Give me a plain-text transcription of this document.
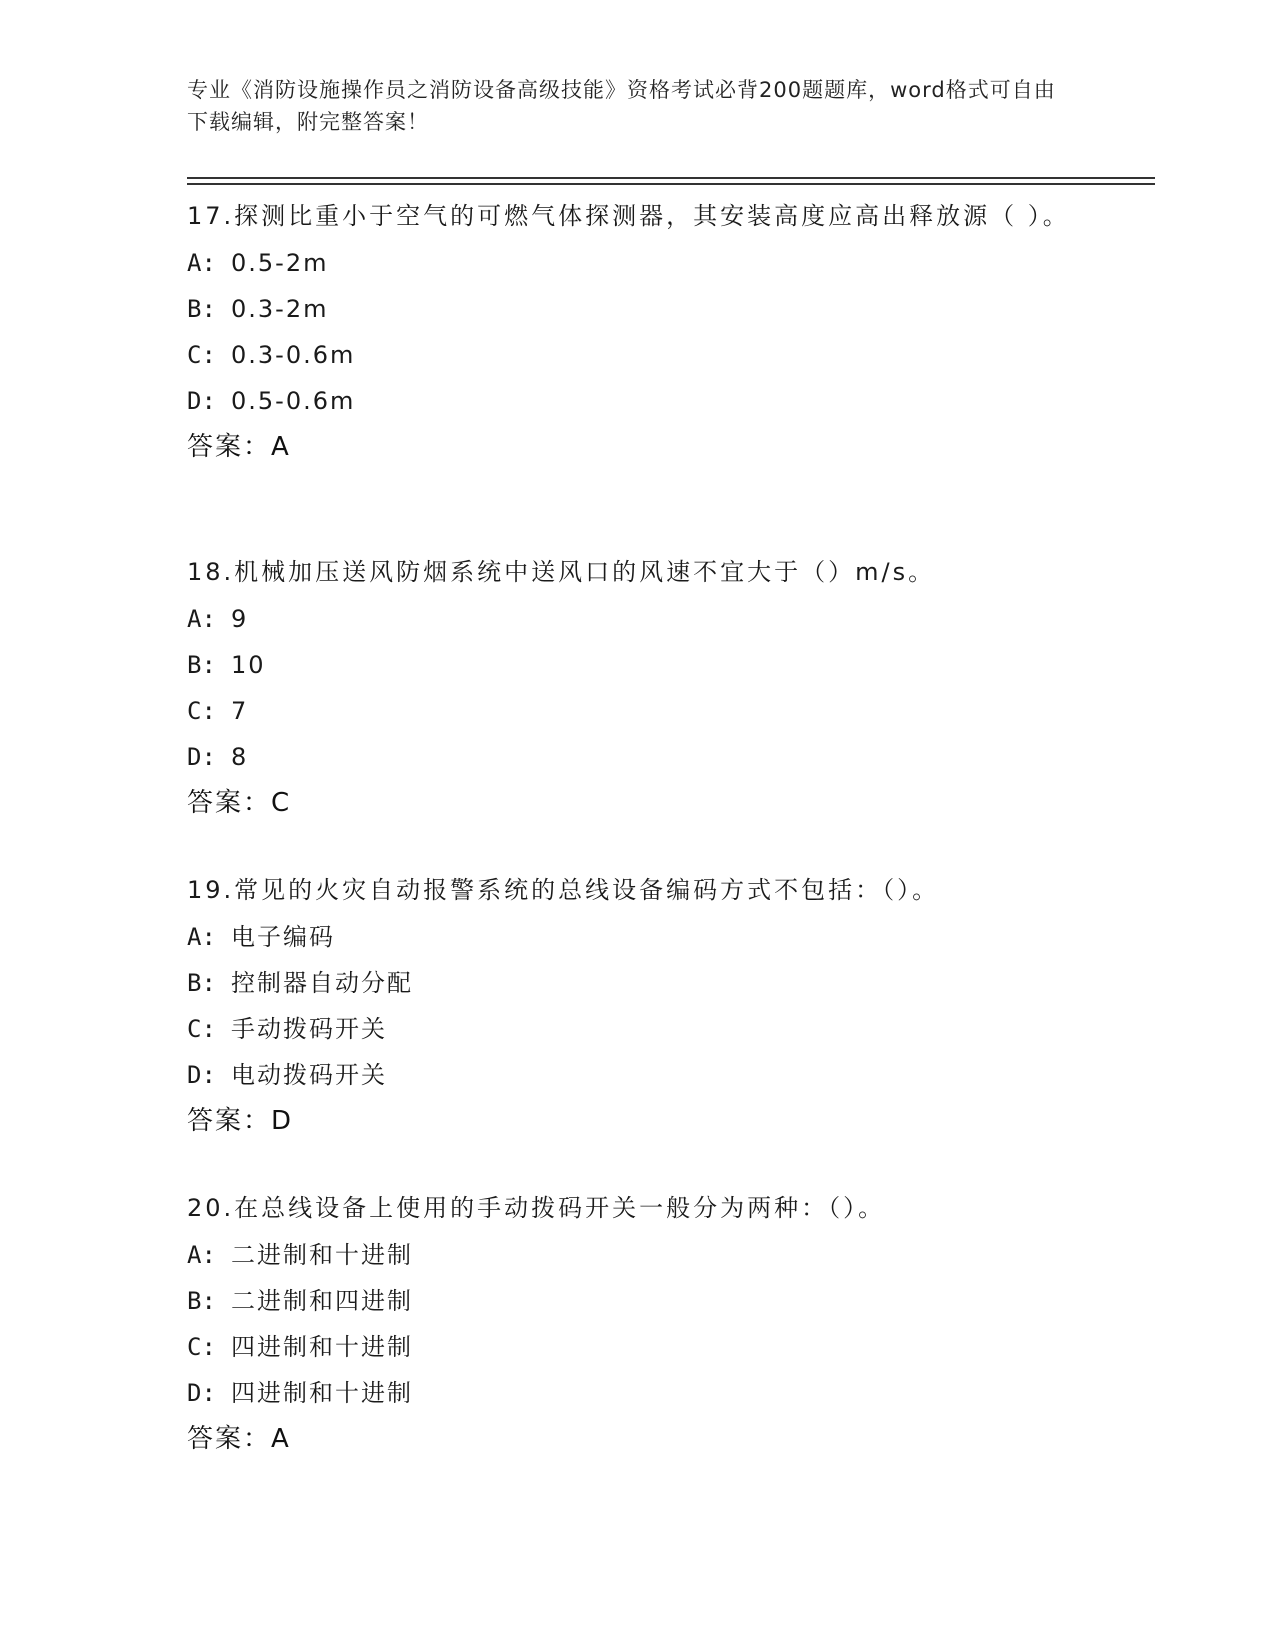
专业《消防设施操作员之消防设备高级技能》资格考试必背200题题库，word格式可自由下载编辑，附完整答案！

17.探测比重小于空气的可燃气体探测器，其安装高度应高出释放源（ ）。

A: 0.5-2m
B: 0.3-2m
C: 0.3-0.6m
D: 0.5-0.6m
答案：A

18.机械加压送风防烟系统中送风口的风速不宜大于（）m/s。

A: 9
B: 10
C: 7
D: 8
答案：C

19.常见的火灾自动报警系统的总线设备编码方式不包括：（）。

A: 电子编码
B: 控制器自动分配
C: 手动拨码开关
D: 电动拨码开关
答案：D

20.在总线设备上使用的手动拨码开关一般分为两种：（）。

A: 二进制和十进制
B: 二进制和四进制
C: 四进制和十进制
D: 四进制和十进制
答案：A
